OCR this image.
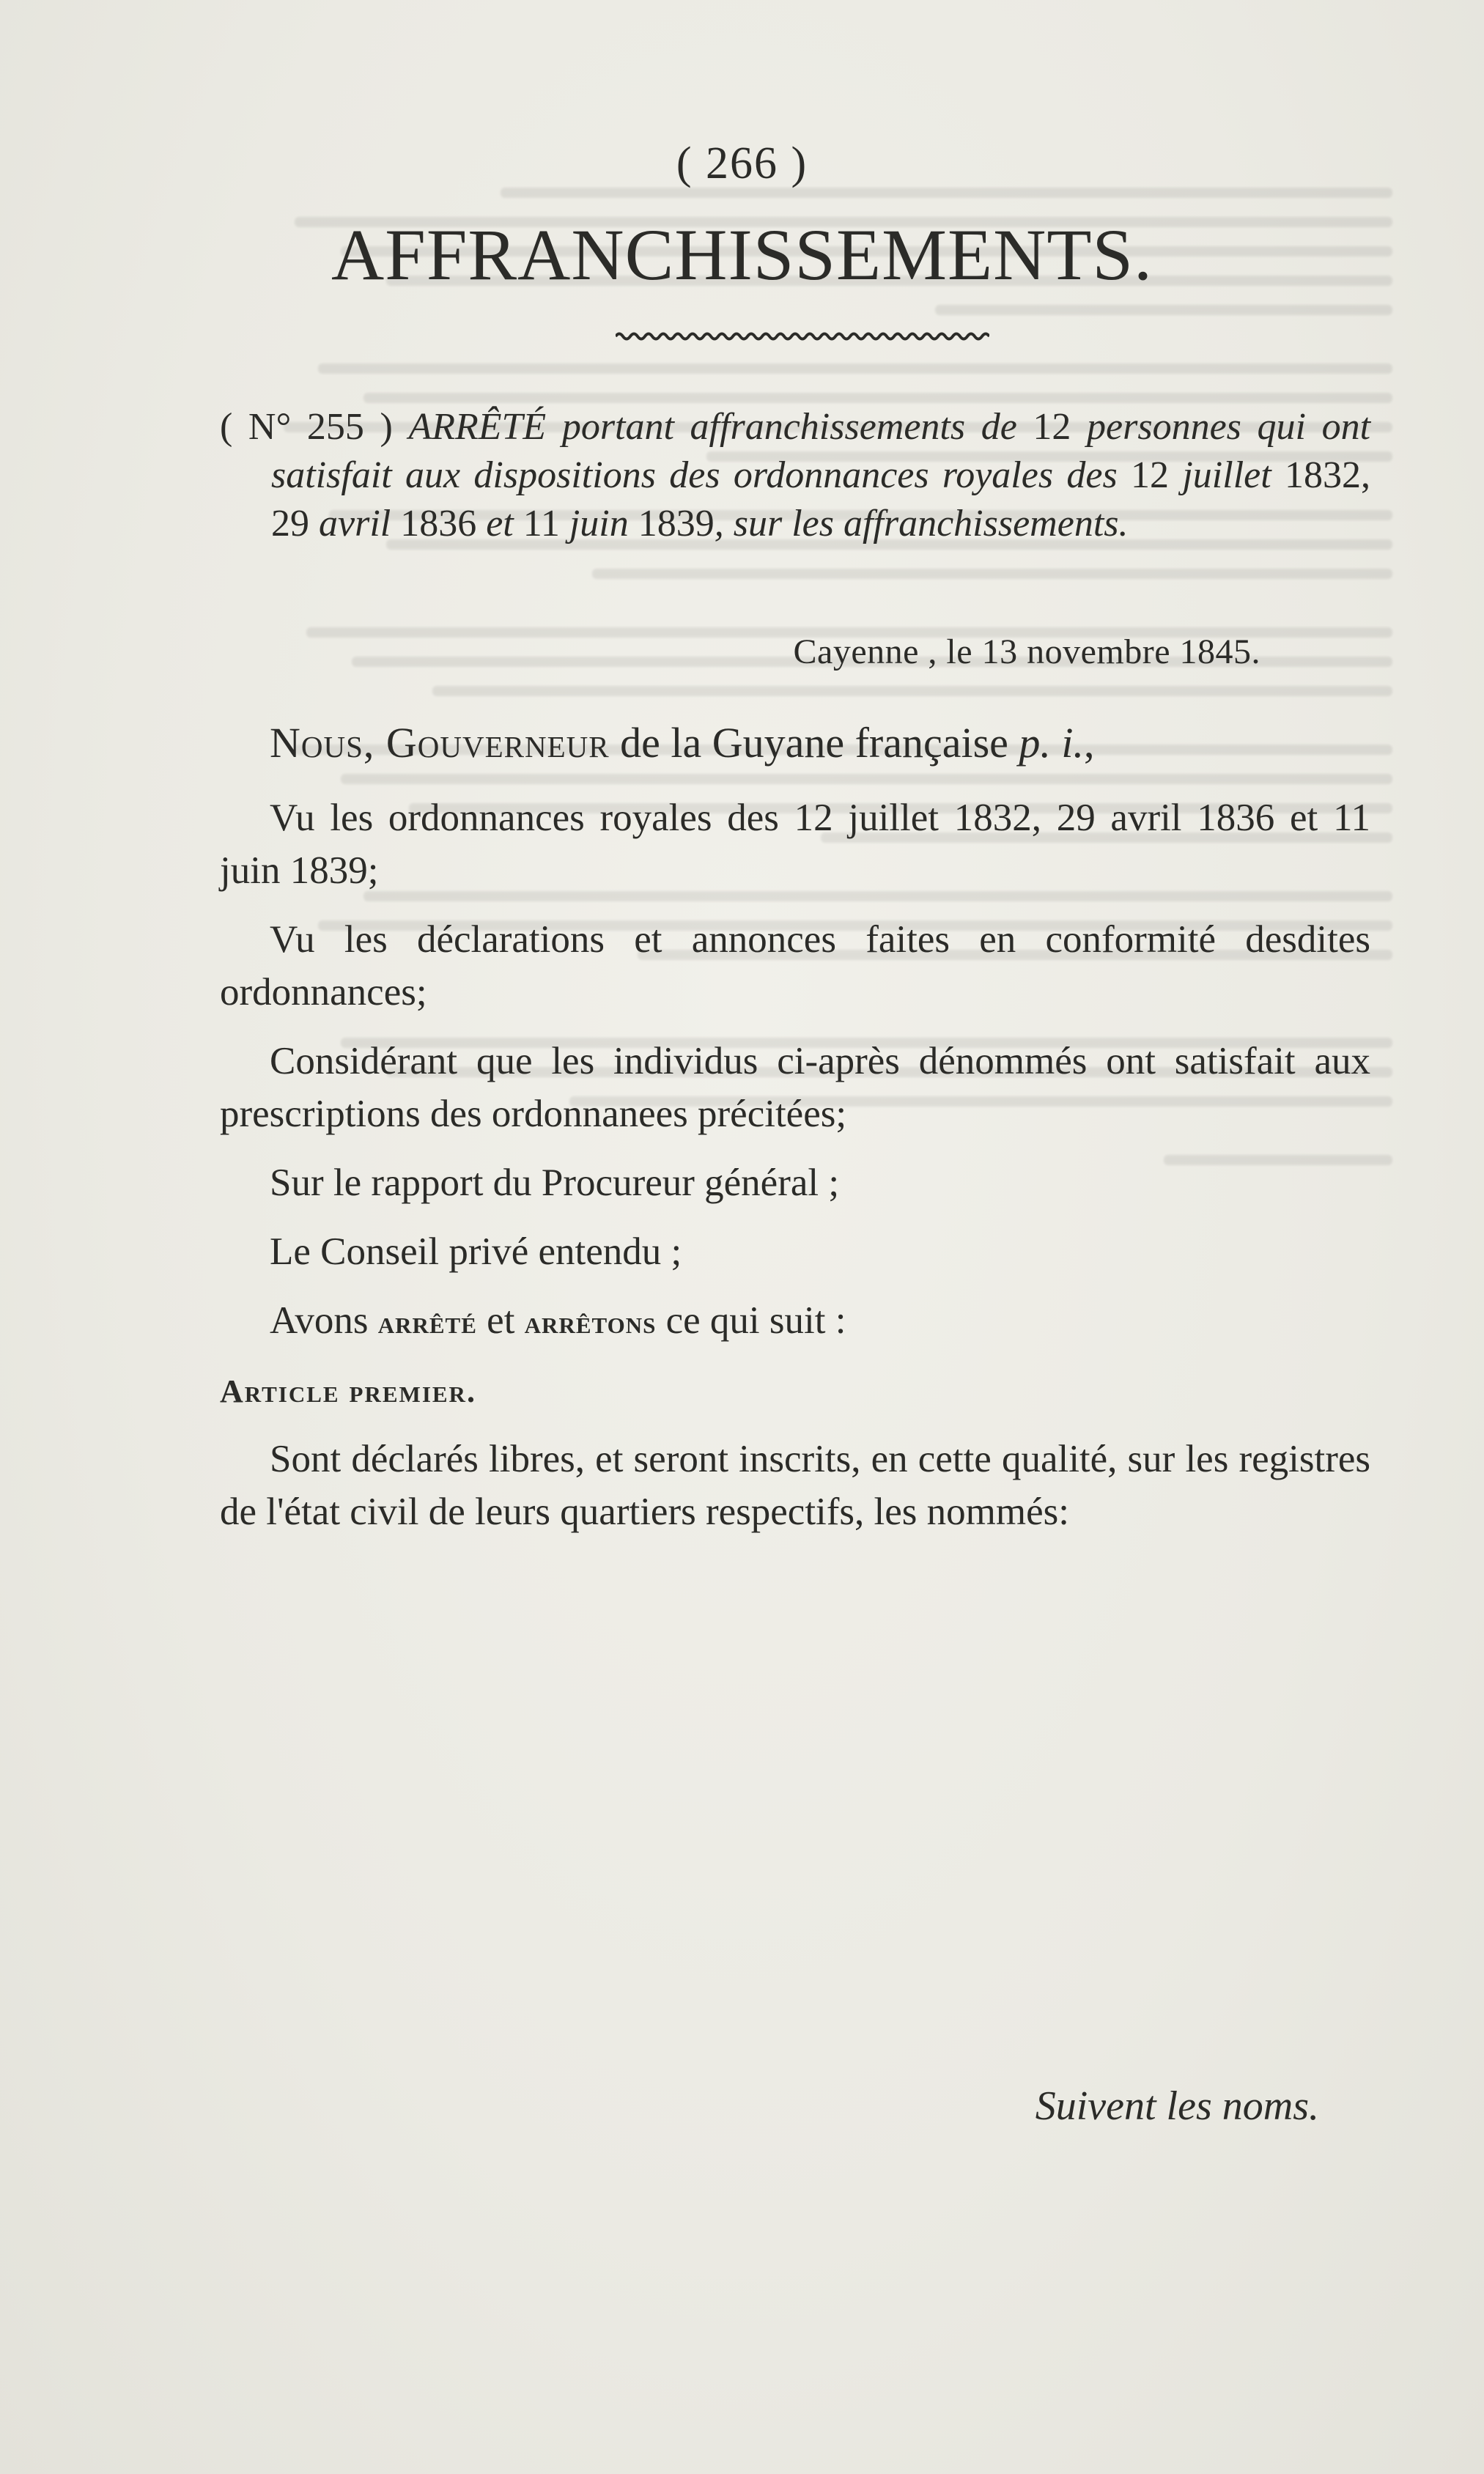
( 266 )
AFFRANCHISSEMENTS.
( N° 255 ) ARRÊTÉ portant affranchissements de 12 personnes qui ont satisfait aux dispositions des ordonnances royales des 12 juillet 1832, 29 avril 1836 et 11 juin 1839, sur les affranchissements.
Cayenne , le 13 novembre 1845.

Nous, Gouverneur de la Guyane française p. i.,

Vu les ordonnances royales des 12 juillet 1832, 29 avril 1836 et 11 juin 1839;

Vu les déclarations et annonces faites en conformité desdites ordonnances;

Considérant que les individus ci-après dénommés ont satisfait aux prescriptions des ordonnanees précitées;

Sur le rapport du Procureur général ;

Le Conseil privé entendu ;

Avons arrêté et arrêtons ce qui suit :

Article premier.

Sont déclarés libres, et seront inscrits, en cette qualité, sur les registres de l'état civil de leurs quartiers respectifs, les nommés:

Suivent les noms.
